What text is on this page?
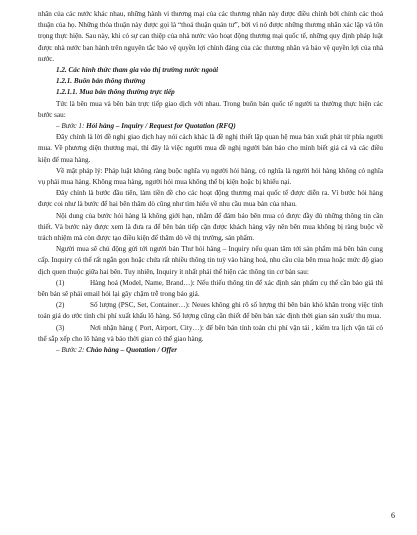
nhân của các nước khác nhau, những hành vi thương mại của các thương nhân này được điều chỉnh bởi chính các thoả thuận của họ. Những thỏa thuận này được gọi là “thoả thuận quán tư”, bởi vì nó được những thương nhân xác lập và tôn trọng thực hiện. Sau này, khi có sự can thiệp của nhà nước vào hoạt động thương mại quốc tế, những quy định pháp luật được nhà nước ban hành trên nguyên tắc bảo vệ quyền lợi chính đáng của các thương nhân và bảo vệ quyền lợi của nhà nước.

1.2. Các hình thức tham gia vào thị trường nước ngoài

1.2.1. Buôn bán thông thường

1.2.1.1. Mua bán thông thường trực tiếp

Tức là bên mua và bên bán trực tiếp giao dịch với nhau. Trong buôn bán quốc tế người ta thường thực hiện các bước sau:

– Bước 1: Hỏi hàng – Inquiry / Request for Quotation (RFQ)

Đây chính là lời đề nghị giao dịch hay nói cách khác là đề nghị thiết lập quan hệ mua bán xuất phát từ phía người mua. Về phương diện thương mại, thì đây là việc người mua đề nghị người bán báo cho mình biết giá cả và các điều kiện để mua hàng.

Về mặt pháp lý: Pháp luật không ràng buộc nghĩa vụ người hỏi hàng, có nghĩa là người hỏi hàng không có nghĩa vụ phải mua hàng. Không mua hàng, người hỏi mua không thể bị kiện hoặc bị khiếu nại.

Đây chính là bước đầu tiên, làm tiền đề cho các hoạt động thương mại quốc tế được diễn ra. Vì bước hỏi hàng được coi như là bước để hai bên thăm dò cũng như tìm hiểu về nhu cầu mua bán của nhau.

Nội dung của bước hỏi hàng là không giới hạn, nhằm để đảm bảo bên mua có được đầy đủ những thông tin cần thiết. Và bước này được xem là đưa ra để bên bán tiếp cận được khách hàng vậy nên bên mua không bị ràng buộc về trách nhiệm mà còn được tạo điều kiện để thăm dò về thị trường, sản phẩm.

Người mua sẽ chủ động gửi tới người bán Thư hỏi hàng – Inquiry nếu quan tâm tới sản phẩm mà bên bán cung cấp. Inquiry có thể rất ngắn gọn hoặc chứa rất nhiều thông tin tuỳ vào hàng hoá, nhu cầu của bên mua hoặc mức độ giao dịch quen thuộc giữa hai bên. Tuy nhiên, Inquiry ít nhất phải thể hiện các thông tin cơ bản sau:

(1)	Hàng hoá (Model, Name, Brand…): Nếu thiếu thông tin để xác định sản phẩm cụ thể cần báo giá thì bên bán sẽ phải email hỏi lại gây chậm trễ trong báo giá.

(2)	Số lượng (PSC, Set, Container…): Neues không ghi rõ số lượng thì bên bán khó khăn trong việc tính toán giá do ước tính chi phí xuất khẩu lô hàng. Số lượng cũng cần thiết để bên bán xác định thời gian sản xuất/ thu mua.

(3)	Nơi nhận hàng ( Port, Airport, City…): để bên bán tính toán chi phí vận tải , kiểm tra lịch vận tải có thể sắp xếp cho lô hàng và báo thời gian có thể giao hàng.

– Bước 2: Chào hàng – Quotation / Offer

6
